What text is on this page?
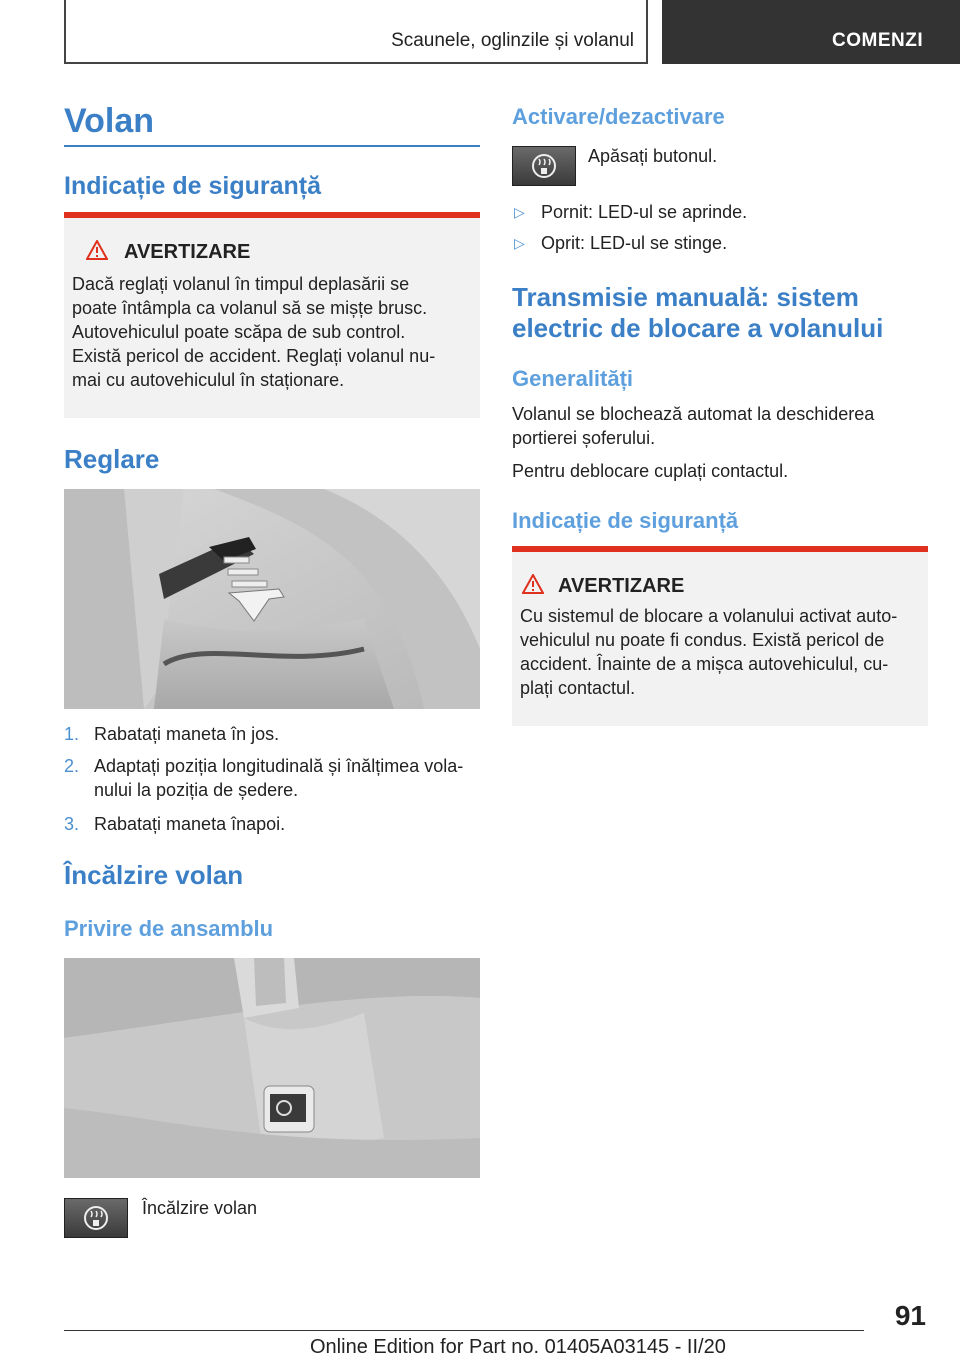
Scaunele, oglinzile și volanul	COMENZI
Volan
Indicație de siguranță
AVERTIZARE
Dacă reglați volanul în timpul deplasării se
poate întâmpla ca volanul să se mișțe brusc.
Autovehiculul poate scăpa de sub control.
Există pericol de accident. Reglați volanul nu-
mai cu autovehiculul în staționare.
Reglare
1. Rabatați maneta în jos.
2. Adaptați poziția longitudinală și înălțimea vola-
nului la poziția de ședere.
3. Rabatați maneta înapoi.
Încălzire volan
Privire de ansamblu
Încălzire volan
Activare/dezactivare
Apăsați butonul.
▷ Pornit: LED-ul se aprinde.
▷ Oprit: LED-ul se stinge.
Transmisie manuală: sistem
electric de blocare a volanului
Generalități
Volanul se blochează automat la deschiderea
portierei șoferului.
Pentru deblocare cuplați contactul.
Indicație de siguranță
AVERTIZARE
Cu sistemul de blocare a volanului activat auto-
vehiculul nu poate fi condus. Există pericol de
accident. Înainte de a mișca autovehiculul, cu-
plați contactul.
91
Online Edition for Part no. 01405A03145 - II/20
